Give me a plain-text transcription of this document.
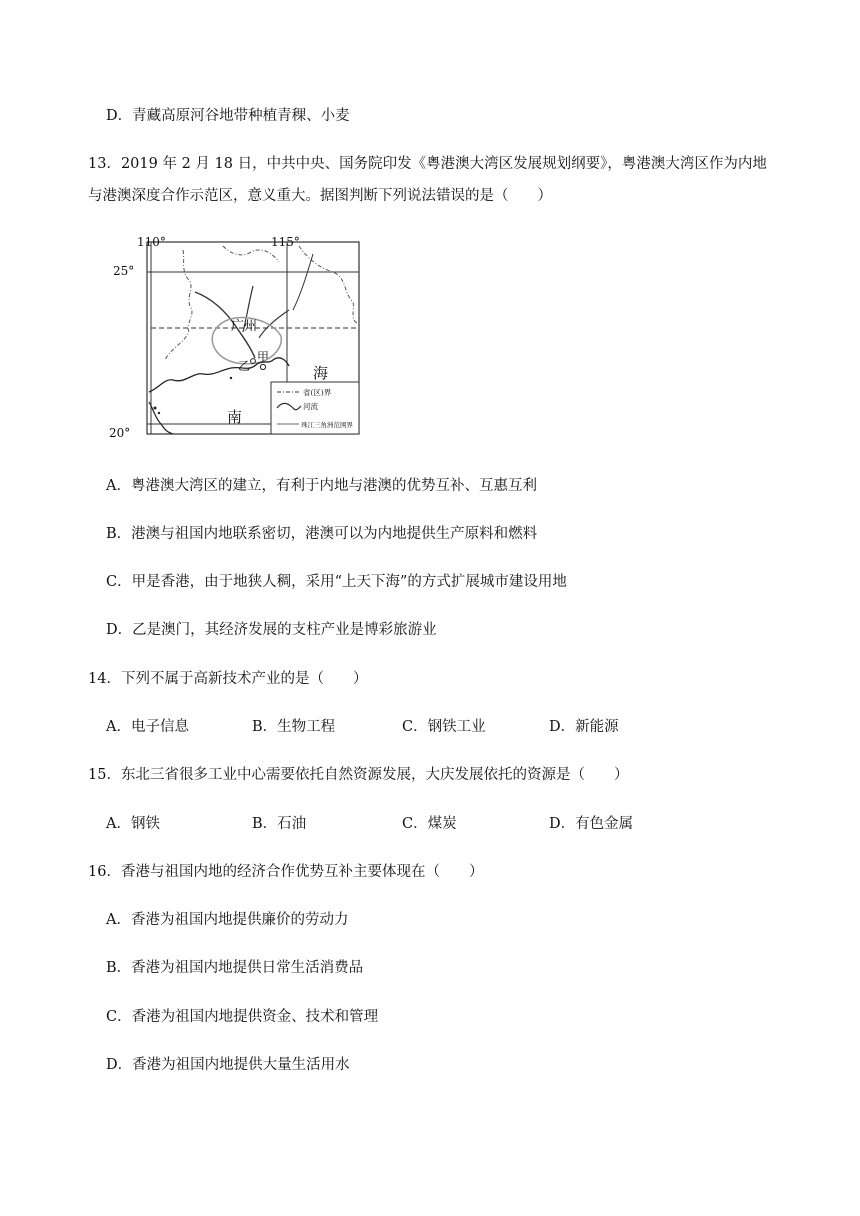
D．青藏高原河谷地带种植青稞、小麦
13．2019 年 2 月 18 日，中共中央、国务院印发《粤港澳大湾区发展规划纲要》，粤港澳大湾区作为内地
与港澳深度合作示范区，意义重大。据图判断下列说法错误的是（　　）
25°
20°
110°	115°
广州
甲
乙	海
南
省(区)界
河流
珠江三角洲范围界
A．粤港澳大湾区的建立，有利于内地与港澳的优势互补、互惠互利
B．港澳与祖国内地联系密切，港澳可以为内地提供生产原料和燃料
C．甲是香港，由于地狭人稠，采用“上天下海”的方式扩展城市建设用地
D．乙是澳门，其经济发展的支柱产业是博彩旅游业
14．下列不属于高新技术产业的是（　　）
A．电子信息	B．生物工程	C．钢铁工业	D．新能源
15．东北三省很多工业中心需要依托自然资源发展，大庆发展依托的资源是（　　）
A．钢铁	B．石油	C．煤炭	D．有色金属
16．香港与祖国内地的经济合作优势互补主要体现在（　　）
A．香港为祖国内地提供廉价的劳动力
B．香港为祖国内地提供日常生活消费品
C．香港为祖国内地提供资金、技术和管理
D．香港为祖国内地提供大量生活用水
